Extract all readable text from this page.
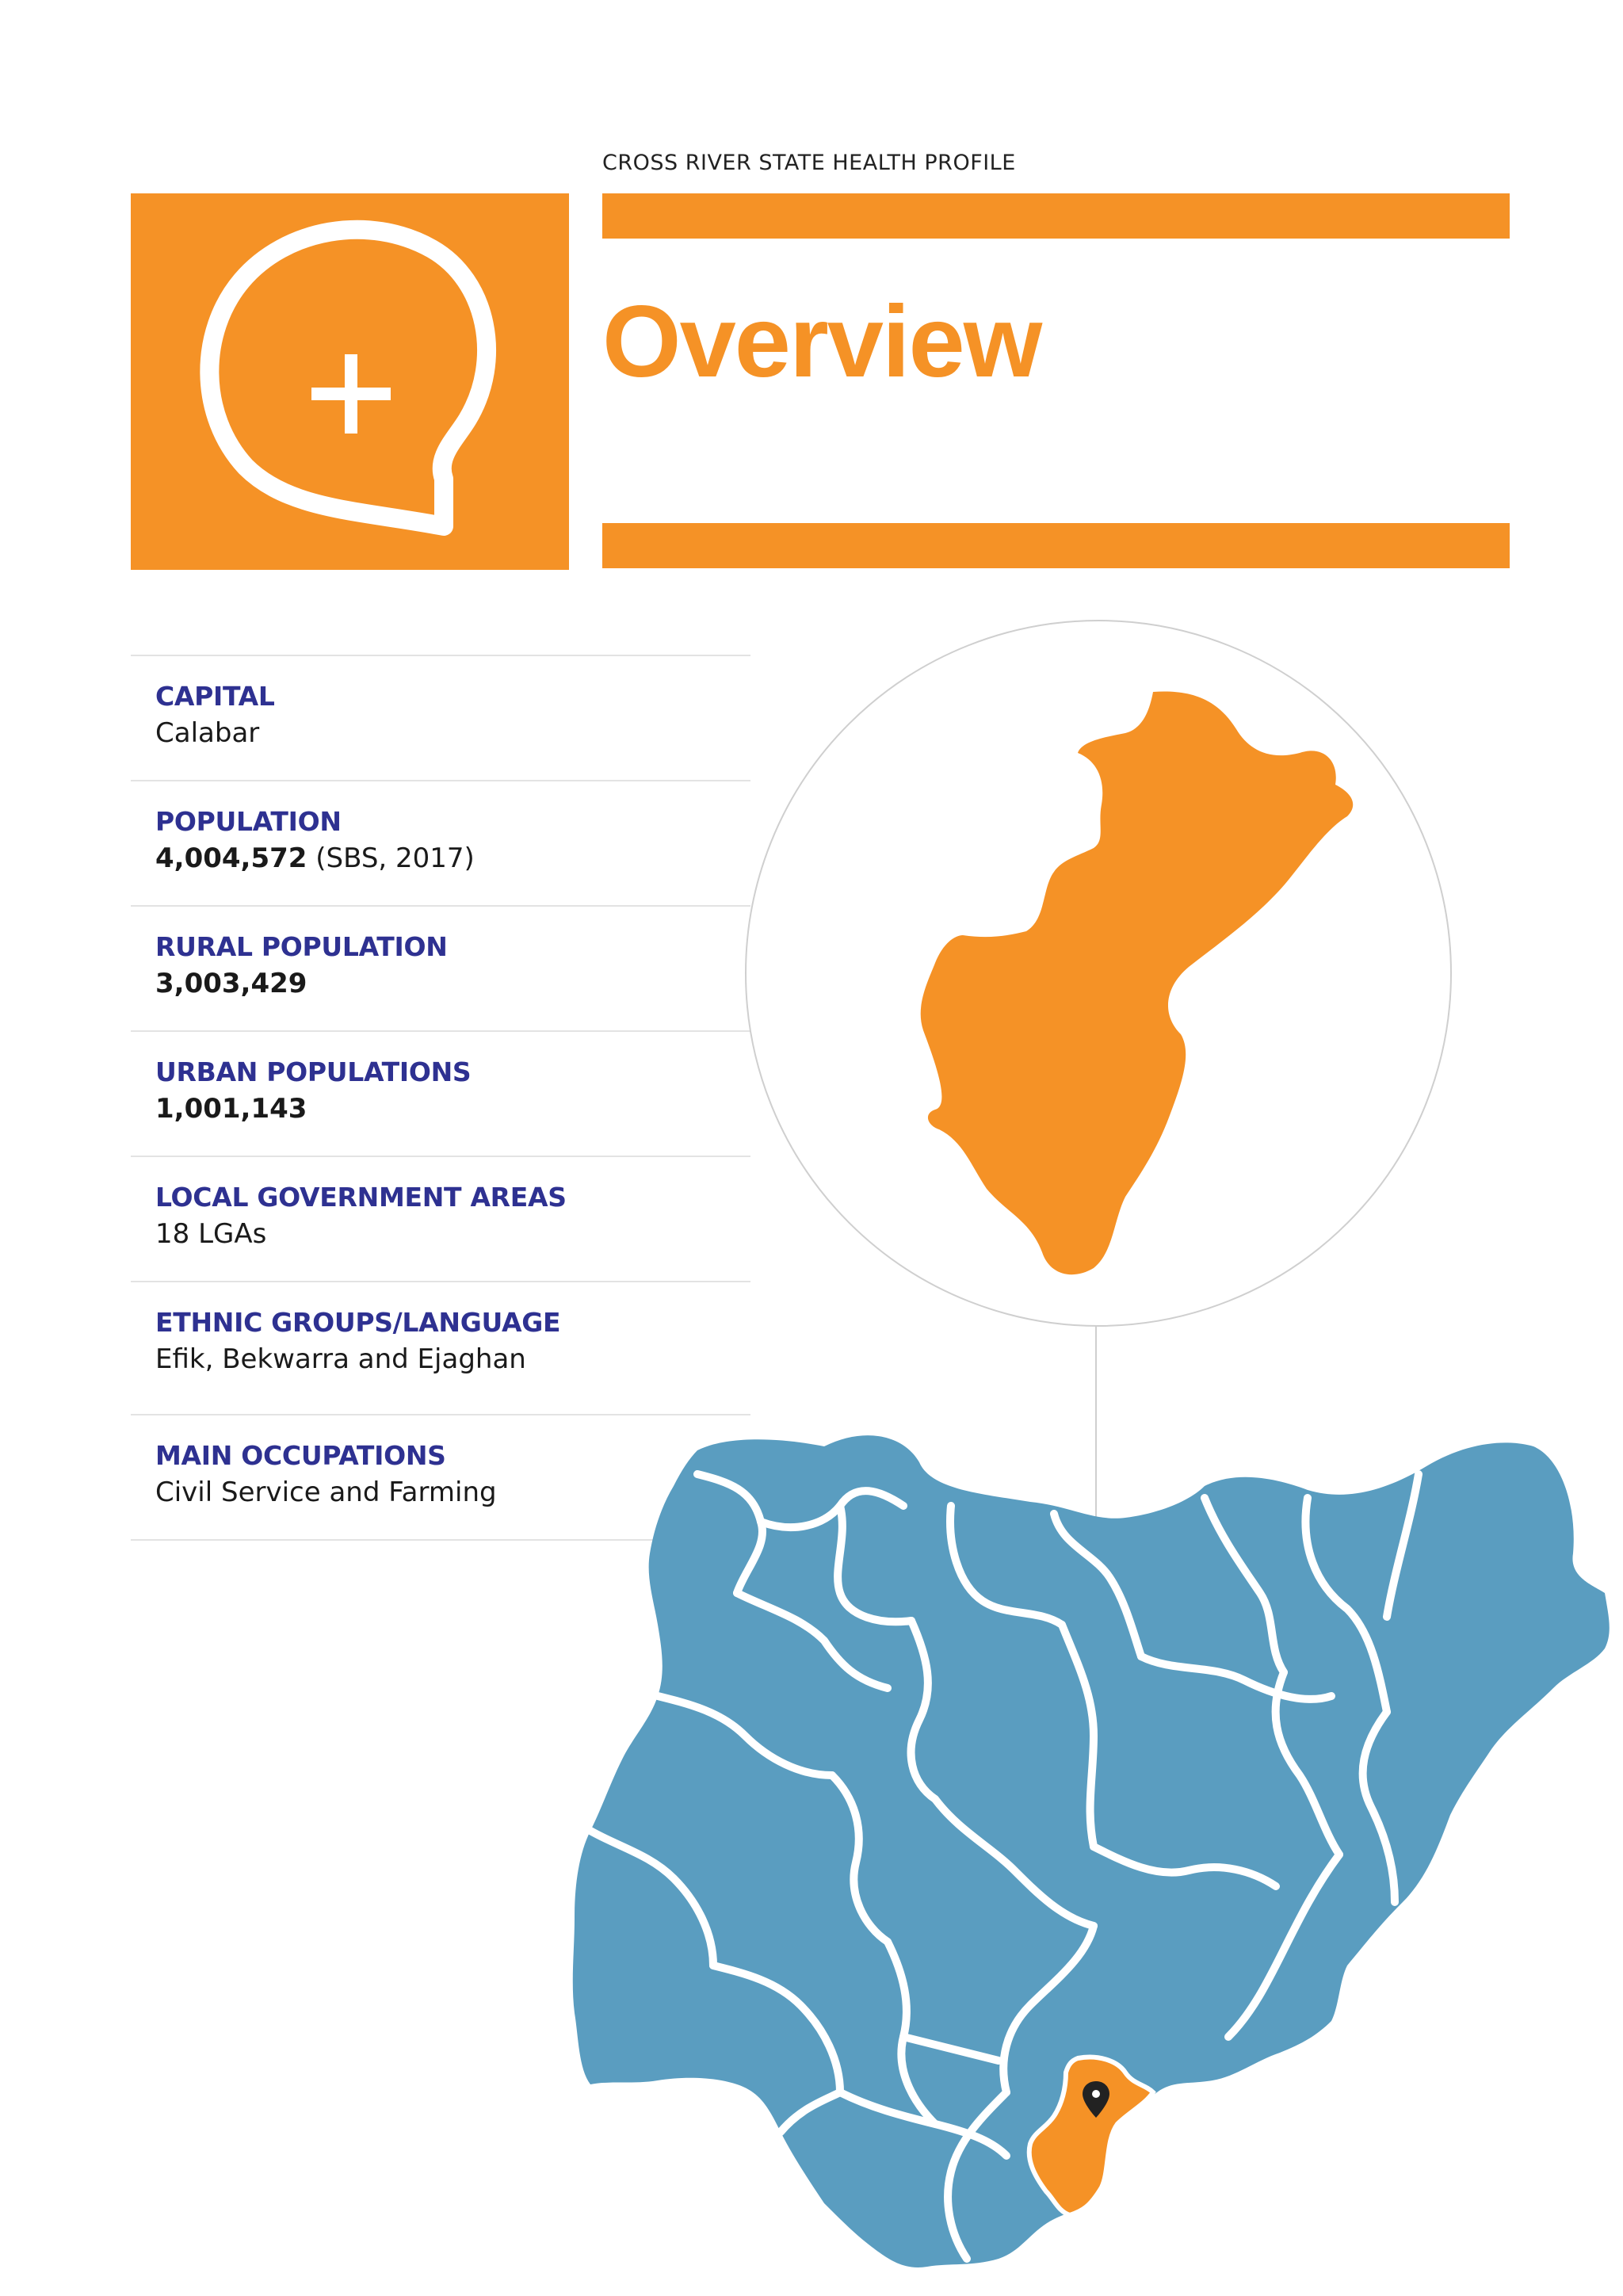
CROSS RIVER STATE HEALTH PROFILE
Overview
CAPITAL
Calabar
POPULATION
4,004,572 (SBS, 2017)
RURAL POPULATION
3,003,429
URBAN POPULATIONS
1,001,143
LOCAL GOVERNMENT AREAS
18 LGAs
ETHNIC GROUPS/LANGUAGE
Efik, Bekwarra and Ejaghan
MAIN OCCUPATIONS
Civil Service and Farming
